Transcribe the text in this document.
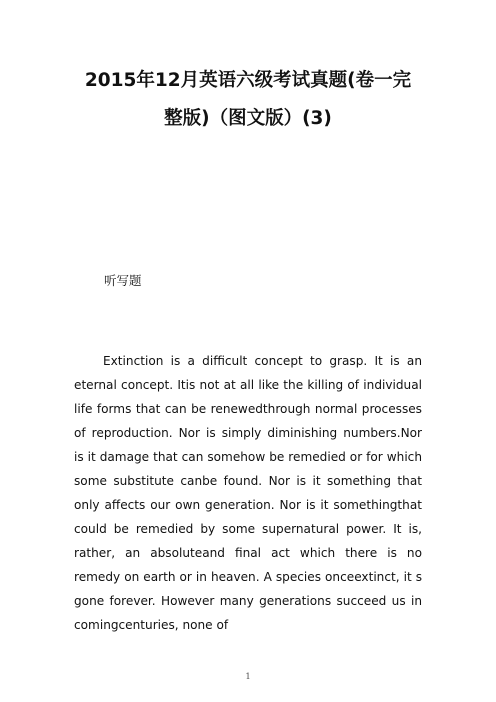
2015年12月英语六级考试真题(卷一完
整版)（图文版）(3)
听写题

Extinction is a difficult concept to grasp. It is an eternal concept. Itis not at all like the killing of individual life forms that can be renewedthrough normal processes of reproduction. Nor is simply diminishing numbers.Nor is it damage that can somehow be remedied or for which some substitute canbe found. Nor is it something that only affects our own generation. Nor is it somethingthat could be remedied by some supernatural power. It is, rather, an absoluteand final act which there is no remedy on earth or in heaven. A species onceextinct, it s gone forever. However many generations succeed us in comingcenturies, none of

1
